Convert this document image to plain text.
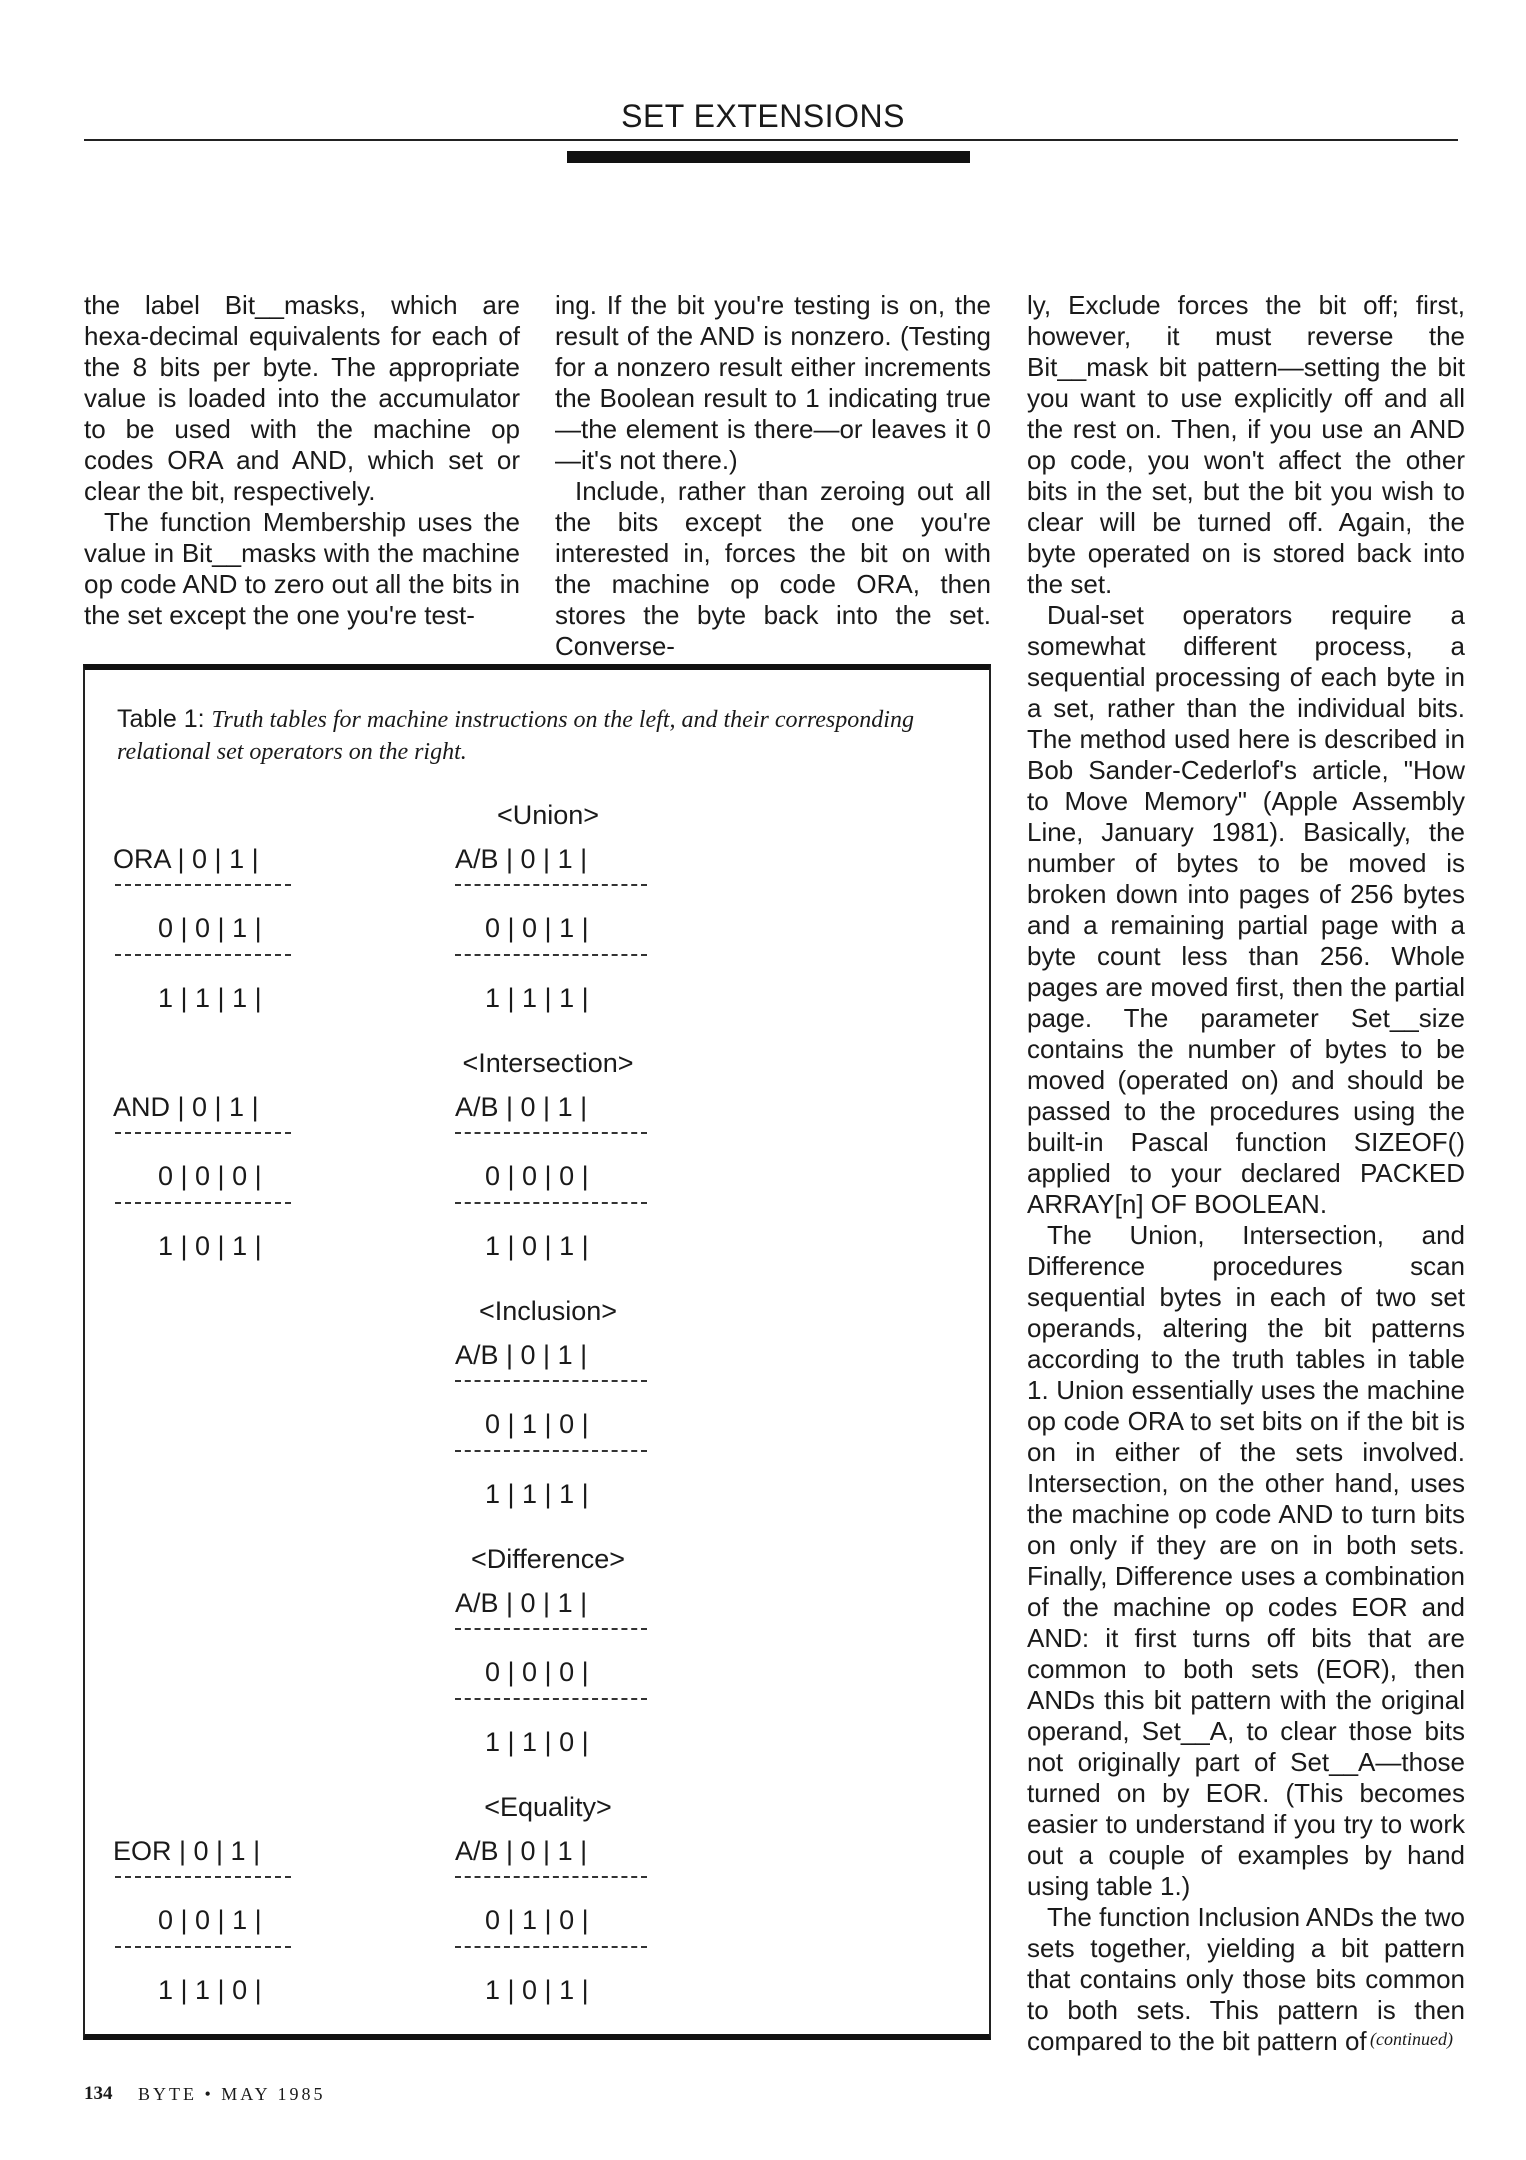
SET EXTENSIONS

the label Bit__masks, which are hexa-decimal equivalents for each of the 8 bits per byte. The appropriate value is loaded into the accumulator to be used with the machine op codes ORA and AND, which set or clear the bit, respectively.

The function Membership uses the value in Bit__masks with the machine op code AND to zero out all the bits in the set except the one you're test-

ing. If the bit you're testing is on, the result of the AND is nonzero. (Testing for a nonzero result either increments the Boolean result to 1 indicating true—the element is there—or leaves it 0—it's not there.)

Include, rather than zeroing out all the bits except the one you're interested in, forces the bit on with the machine op code ORA, then stores the byte back into the set. Converse-

ly, Exclude forces the bit off; first, however, it must reverse the Bit__mask bit pattern—setting the bit you want to use explicitly off and all the rest on. Then, if you use an AND op code, you won't affect the other bits in the set, but the bit you wish to clear will be turned off. Again, the byte operated on is stored back into the set.

Dual-set operators require a somewhat different process, a sequential processing of each byte in a set, rather than the individual bits. The method used here is described in Bob Sander-Cederlof's article, "How to Move Memory" (Apple Assembly Line, January 1981). Basically, the number of bytes to be moved is broken down into pages of 256 bytes and a remaining partial page with a byte count less than 256. Whole pages are moved first, then the partial page. The parameter Set__size contains the number of bytes to be moved (operated on) and should be passed to the procedures using the built-in Pascal function SIZEOF() applied to your declared PACKED ARRAY[n] OF BOOLEAN.

The Union, Intersection, and Difference procedures scan sequential bytes in each of two set operands, altering the bit patterns according to the truth tables in table 1. Union essentially uses the machine op code ORA to set bits on if the bit is on in either of the sets involved. Intersection, on the other hand, uses the machine op code AND to turn bits on only if they are on in both sets. Finally, Difference uses a combination of the machine op codes EOR and AND: it first turns off bits that are common to both sets (EOR), then ANDs this bit pattern with the original operand, Set__A, to clear those bits not originally part of Set__A—those turned on by EOR. (This becomes easier to understand if you try to work out a couple of examples by hand using table 1.)

The function Inclusion ANDs the two sets together, yielding a bit pattern that contains only those bits common to both sets. This pattern is then compared to the bit pattern of

Table 1: Truth tables for machine instructions on the left, and their corresponding relational set operators on the right.
ORA | 0 | 1 |
0 | 0 | 1 |
1 | 1 | 1 |
AND | 0 | 1 |
0 | 0 | 0 |
1 | 0 | 1 |
EOR | 0 | 1 |
0 | 0 | 1 |
1 | 1 | 0 |
<Union>
A/B | 0 | 1 |
0 | 0 | 1 |
1 | 1 | 1 |
<Intersection>
A/B | 0 | 1 |
0 | 0 | 0 |
1 | 0 | 1 |
<Inclusion>
A/B | 0 | 1 |
0 | 1 | 0 |
1 | 1 | 1 |
<Difference>
A/B | 0 | 1 |
0 | 0 | 0 |
1 | 1 | 0 |
<Equality>
A/B | 0 | 1 |
0 | 1 | 0 |
1 | 0 | 1 |
(continued)
134 BYTE • MAY 1985
